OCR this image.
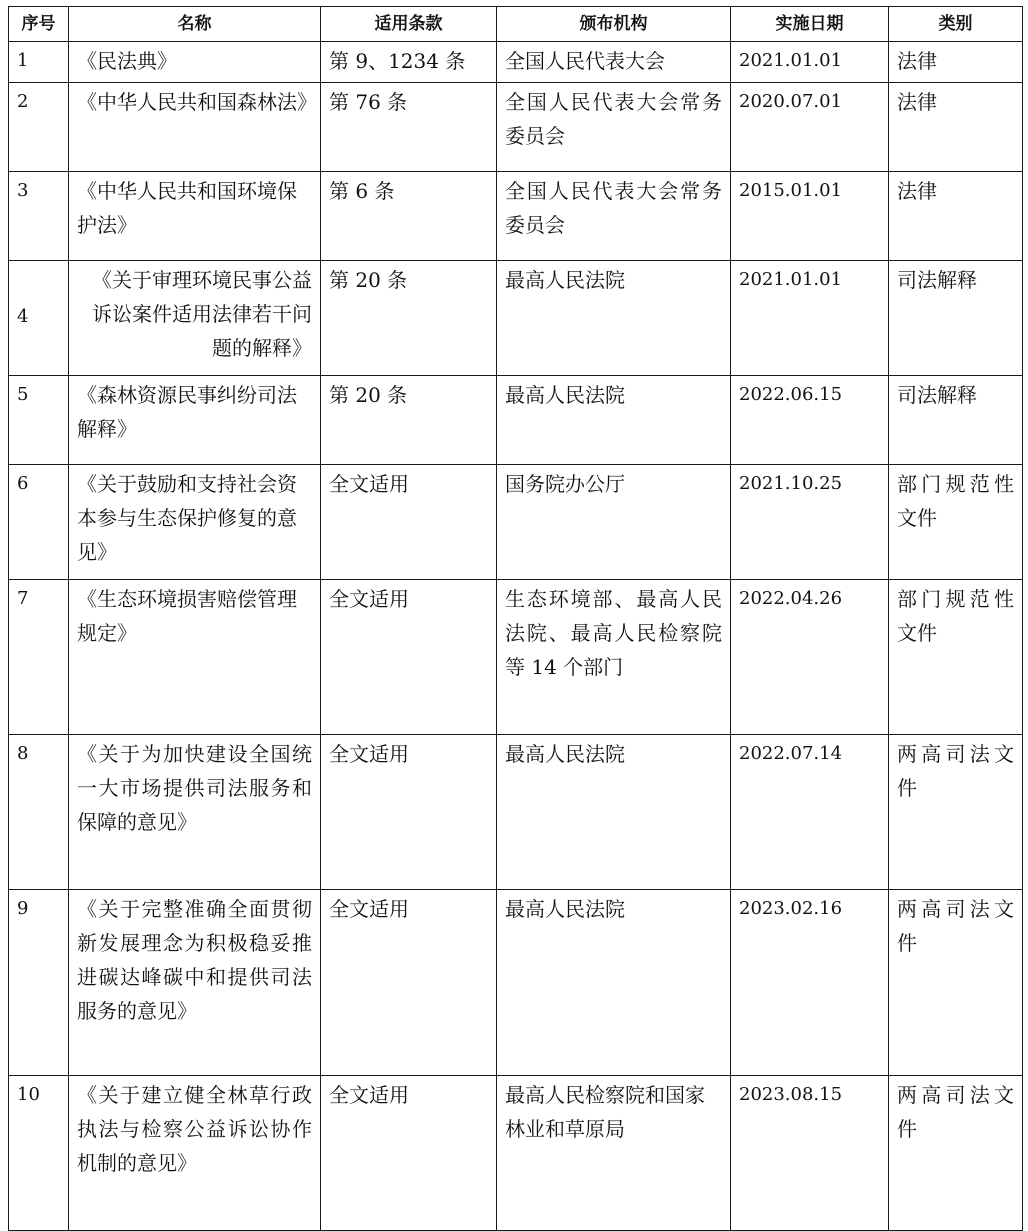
序号	名称	适用条款	颁布机构	实施日期	类别
1	《民法典》	第 9、1234 条	全国人民代表大会	2021.01.01	法律
2	《中华人民共和国森林法》	第 76 条	全国人民代表大会常务委员会	2020.07.01	法律
3	《中华人民共和国环境保护法》	第 6 条	全国人民代表大会常务委员会	2015.01.01	法律
4	《关于审理环境民事公益诉讼案件适用法律若干问题的解释》	第 20 条	最高人民法院	2021.01.01	司法解释
5	《森林资源民事纠纷司法解释》	第 20 条	最高人民法院	2022.06.15	司法解释
6	《关于鼓励和支持社会资本参与生态保护修复的意见》	全文适用	国务院办公厅	2021.10.25	部门规范性文件
7	《生态环境损害赔偿管理规定》	全文适用	生态环境部、最高人民法院、最高人民检察院等 14 个部门	2022.04.26	部门规范性文件
8	《关于为加快建设全国统一大市场提供司法服务和保障的意见》	全文适用	最高人民法院	2022.07.14	两高司法文件
9	《关于完整准确全面贯彻新发展理念为积极稳妥推进碳达峰碳中和提供司法服务的意见》	全文适用	最高人民法院	2023.02.16	两高司法文件
10	《关于建立健全林草行政执法与检察公益诉讼协作机制的意见》	全文适用	最高人民检察院和国家林业和草原局	2023.08.15	两高司法文件
